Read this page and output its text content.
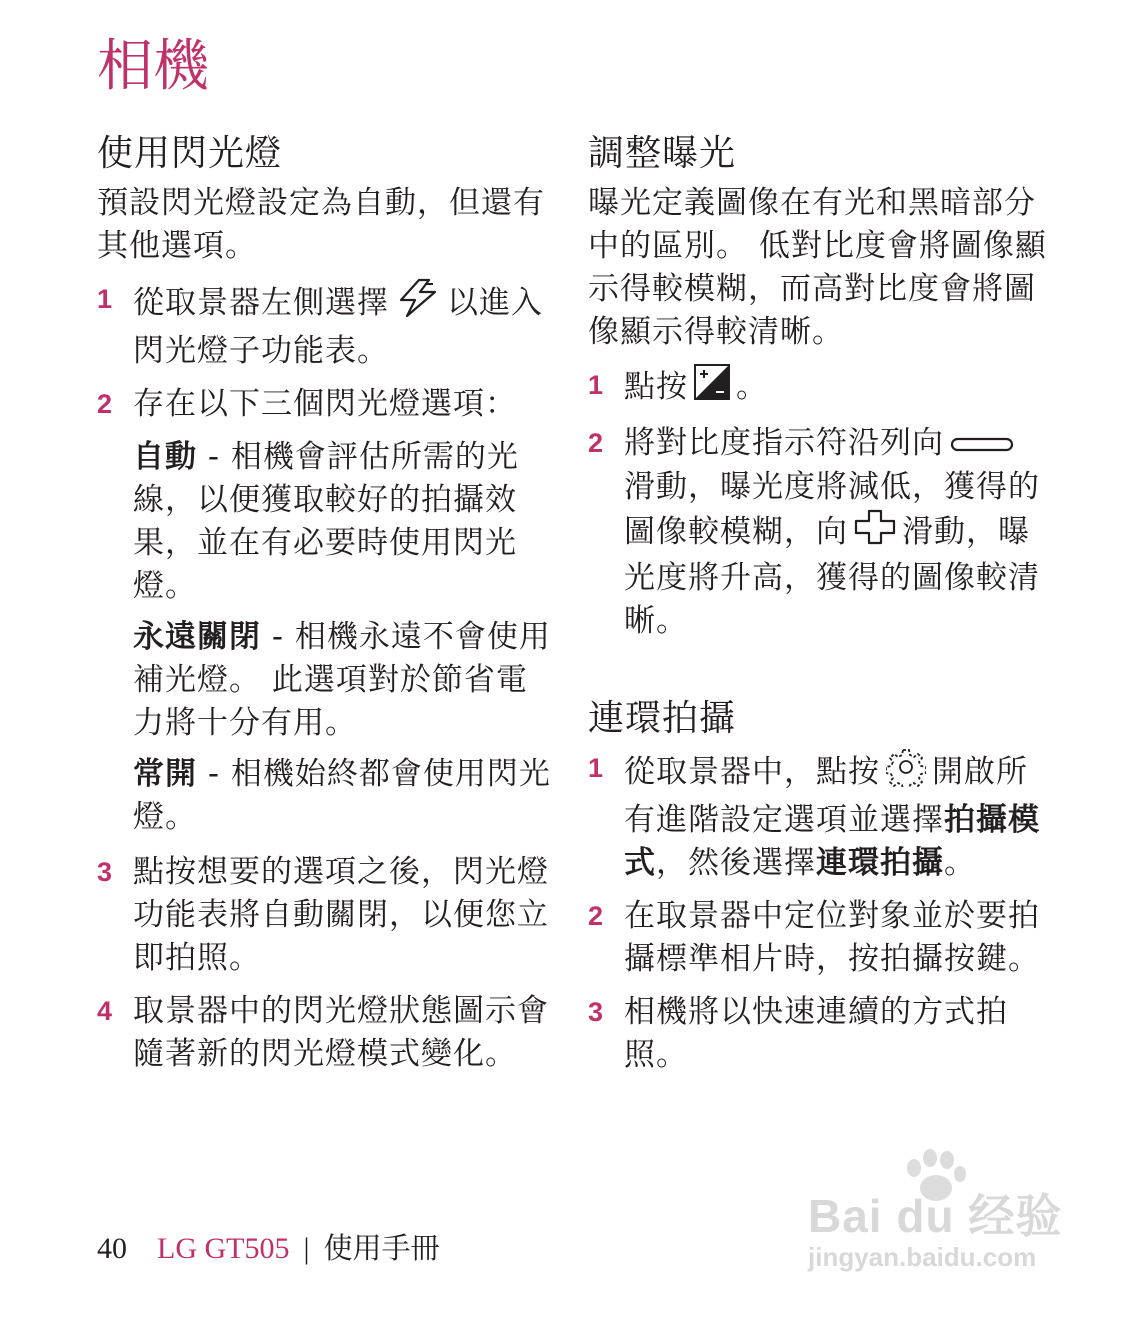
相機
使用閃光燈

預設閃光燈設定為自動，但還有其他選項。

1 從取景器左側選擇 以進入閃光燈子功能表。
2 存在以下三個閃光燈選項：
自動 - 相機會評估所需的光線，以便獲取較好的拍攝效果，並在有必要時使用閃光燈。
永遠關閉 - 相機永遠不會使用補光燈。 此選項對於節省電力將十分有用。
常開 - 相機始終都會使用閃光燈。
3 點按想要的選項之後，閃光燈功能表將自動關閉，以便您立即拍照。
4 取景器中的閃光燈狀態圖示會隨著新的閃光燈模式變化。
調整曝光

曝光定義圖像在有光和黑暗部分中的區別。 低對比度會將圖像顯示得較模糊，而高對比度會將圖像顯示得較清晰。

1 點按 。
2 將對比度指示符沿列向滑動，曝光度將減低，獲得的圖像較模糊，向 滑動，曝光度將升高，獲得的圖像較清晰。
連環拍攝
1 從取景器中，點按 開啟所有進階設定選項並選擇拍攝模式，然後選擇連環拍攝。
2 在取景器中定位對象並於要拍攝標準相片時，按拍攝按鍵。
3 相機將以快速連續的方式拍照。
40 LG GT505 | 使用手冊
Bai du 经验
jingyan.baidu.com
